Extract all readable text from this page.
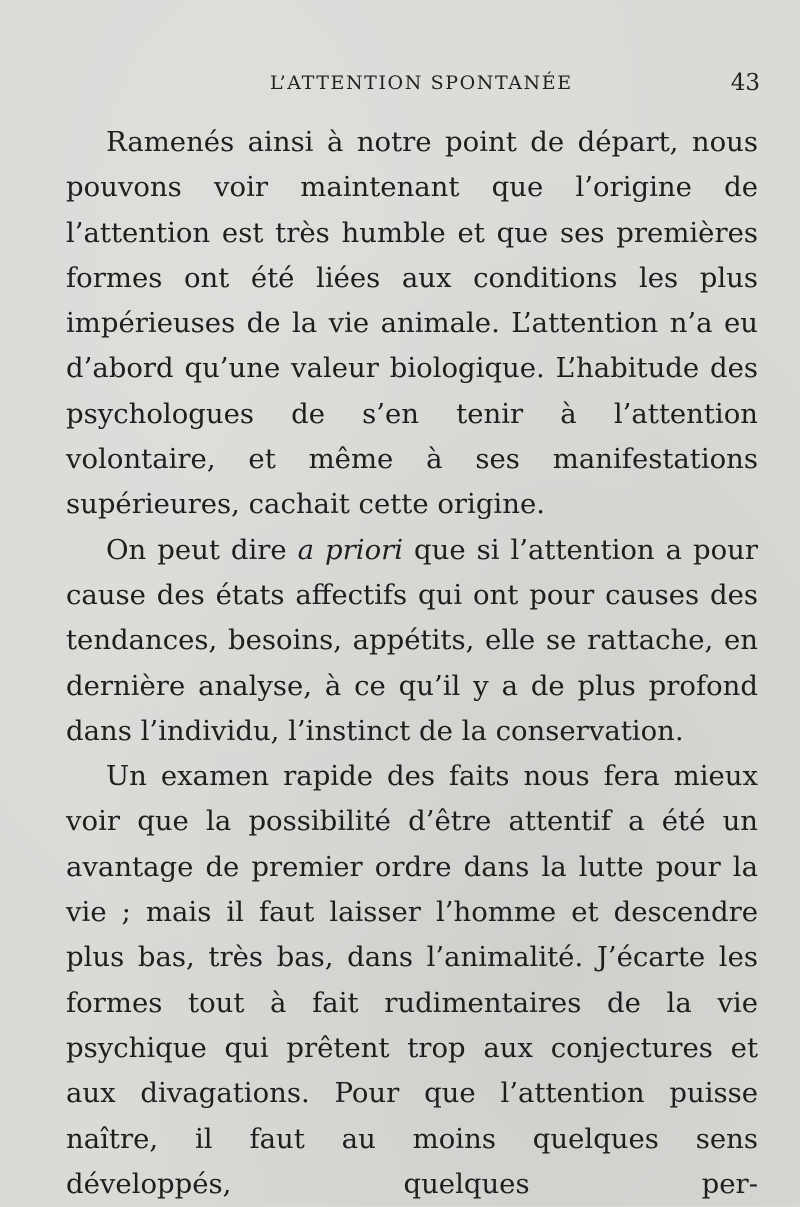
L’ATTENTION SPONTANÉE	43

Ramenés ainsi à notre point de départ, nous pouvons voir maintenant que l’origine de l’attention est très humble et que ses premières formes ont été liées aux conditions les plus impérieuses de la vie animale. L’attention n’a eu d’abord qu’une valeur biologique. L’habitude des psychologues de s’en tenir à l’attention volontaire, et même à ses manifestations supérieures, cachait cette origine.

On peut dire a priori que si l’attention a pour cause des états affectifs qui ont pour causes des tendances, besoins, appétits, elle se rattache, en dernière analyse, à ce qu’il y a de plus profond dans l’individu, l’instinct de la conservation.

Un examen rapide des faits nous fera mieux voir que la possibilité d’être attentif a été un avantage de premier ordre dans la lutte pour la vie ; mais il faut laisser l’homme et descendre plus bas, très bas, dans l’animalité. J’écarte les formes tout à fait rudimentaires de la vie psychique qui prêtent trop aux conjectures et aux divagations. Pour que l’attention puisse naître, il faut au moins quelques sens développés, quelques per-
